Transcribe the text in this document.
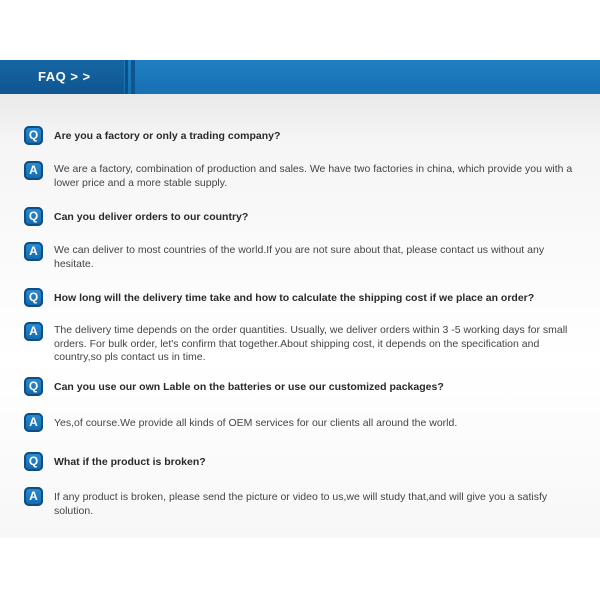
FAQ > >
Q	Are you a factory or only a trading company?
A	We are a factory, combination of production and sales. We have two factories in china, which provide you with a lower price and a more stable supply.
Q	Can you deliver orders to our country?
A	We can deliver to most countries of the world.If you are not sure about that, please contact us without any hesitate.
Q	How long will the delivery time take and how to calculate the shipping cost if we place an order?
A	The delivery time depends on the order quantities. Usually, we deliver orders within 3 -5 working days for small orders. For bulk order, let's confirm that together.About shipping cost, it depends on the specification and country,so pls contact us in time.
Q	Can you use our own Lable on the batteries or use our customized packages?
A	Yes,of course.We provide all kinds of OEM services for our clients all around the world.
Q	What if the product is broken?
A	If any product is broken, please send the picture or video to us,we will study that,and will give you a satisfy solution.
